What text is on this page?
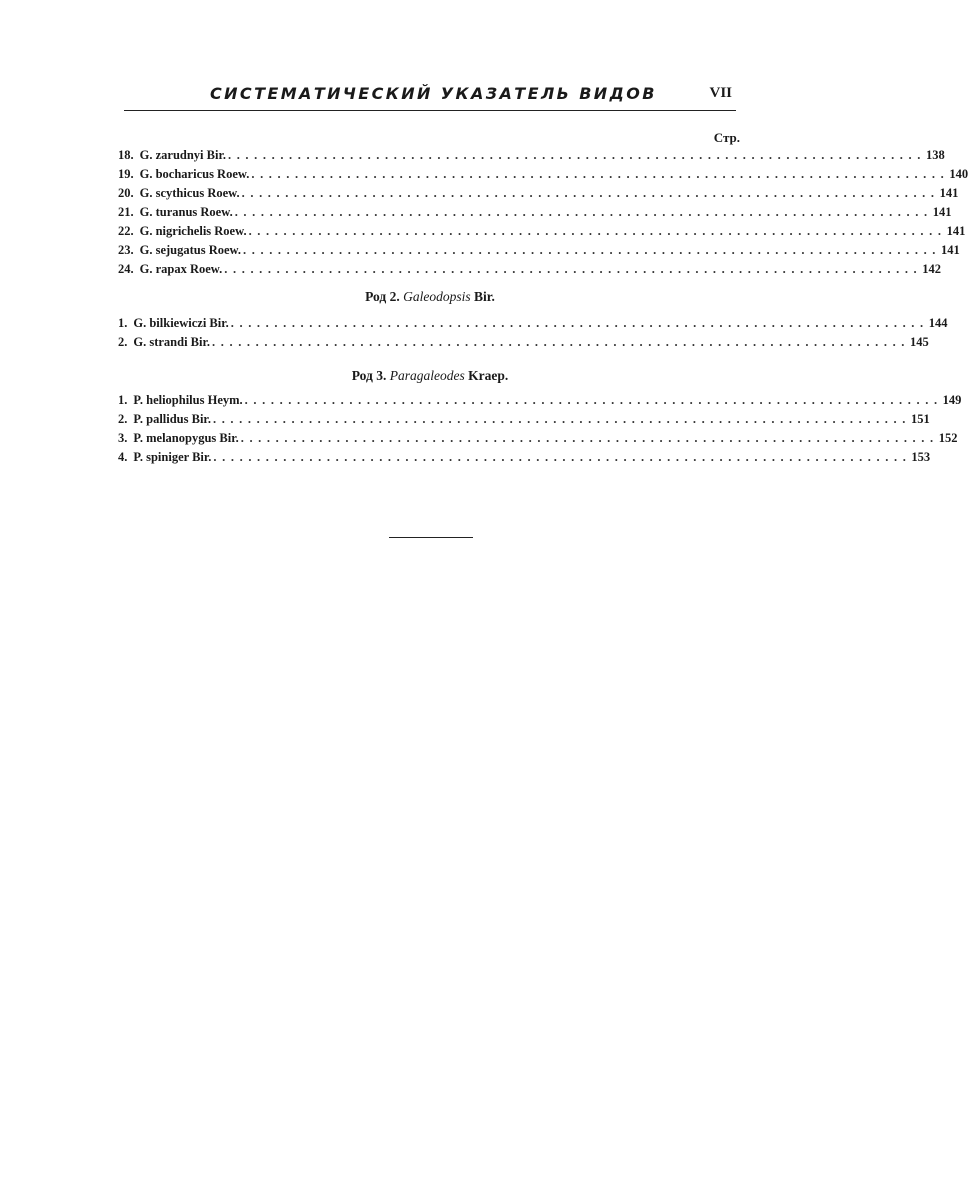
СИСТЕМАТИЧЕСКИЙ УКАЗАТЕЛЬ ВИДОВ	VII
Стр.
18. G. zarudnyi Bir. ................................................................................ 138
19. G. bocharicus Roew. ................................................................................ 140
20. G. scythicus Roew. ................................................................................ 141
21. G. turanus Roew. ................................................................................ 141
22. G. nigrichelis Roew. ................................................................................ 141
23. G. sejugatus Roew. ................................................................................ 141
24. G. rapax Roew. ................................................................................ 142
Род 2. Galeodopsis Bir.
1. G. bilkiewiczi Bir. ................................................................................ 144
2. G. strandi Bir. ................................................................................ 145
Род 3. Paragaleodes Kraep.
1. P. heliophilus Heym. ................................................................................ 149
2. P. pallidus Bir. ................................................................................ 151
3. P. melanopygus Bir. ................................................................................ 152
4. P. spiniger Bir. ................................................................................ 153
